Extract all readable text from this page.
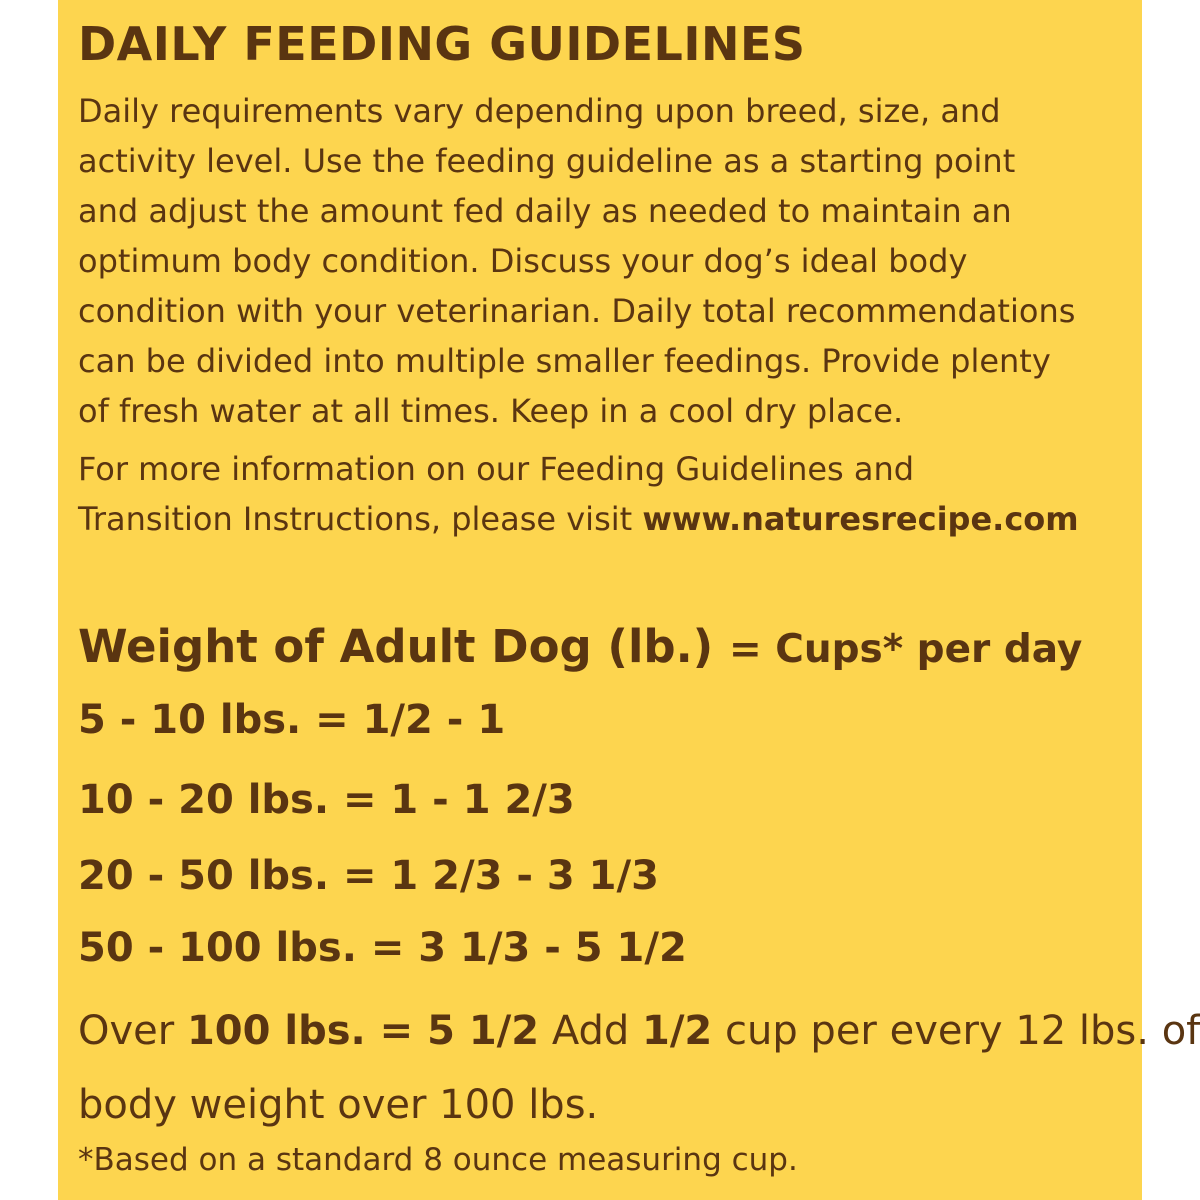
DAILY FEEDING GUIDELINES

Daily requirements vary depending upon breed, size, and
activity level. Use the feeding guideline as a starting point
and adjust the amount fed daily as needed to maintain an
optimum body condition. Discuss your dog’s ideal body
condition with your veterinarian. Daily total recommendations
can be divided into multiple smaller feedings. Provide plenty
of fresh water at all times. Keep in a cool dry place.

For more information on our Feeding Guidelines and
Transition Instructions, please visit www.naturesrecipe.com

Weight of Adult Dog (lb.) = Cups* per day
5 - 10 lbs. = 1/2 - 1
10 - 20 lbs. = 1 - 1 2/3
20 - 50 lbs. = 1 2/3 - 3 1/3
50 - 100 lbs. = 3 1/3 - 5 1/2
Over 100 lbs. = 5 1/2 Add 1/2 cup per every 12 lbs. of
body weight over 100 lbs.
*Based on a standard 8 ounce measuring cup.
